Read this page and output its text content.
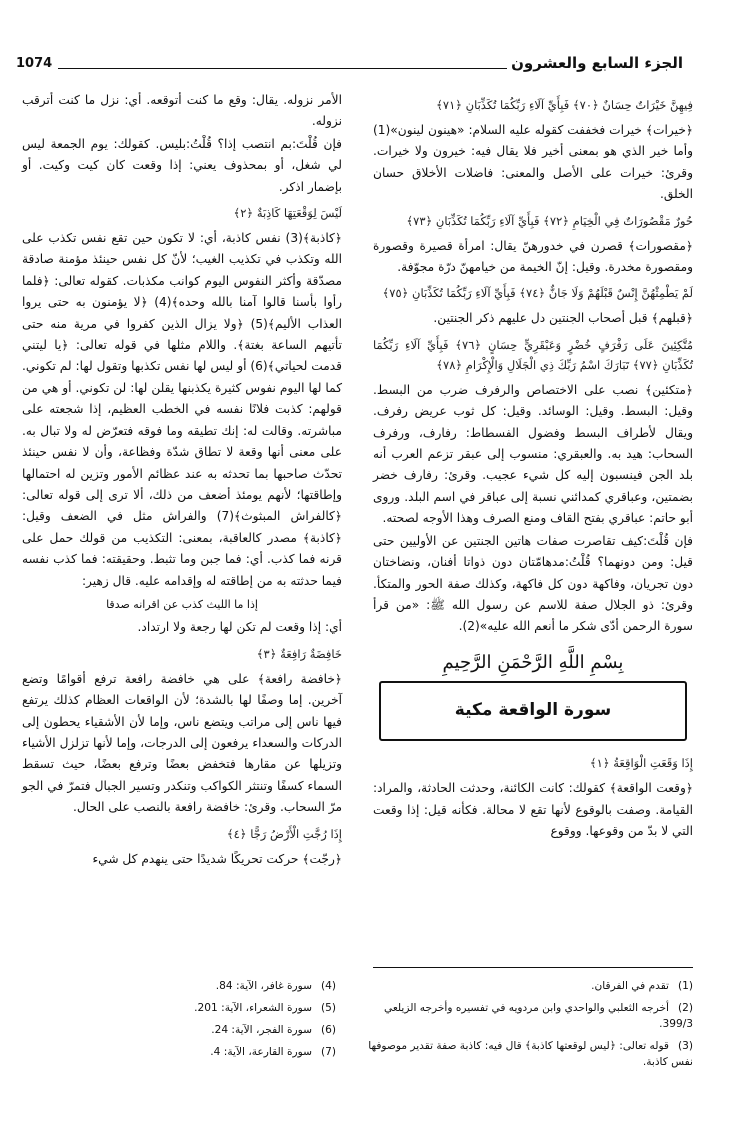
الجزء السابع والعشرون
1074

فِيهِنَّ خَيْرَاتٌ حِسَانٌ ﴿٧٠﴾ فَبِأَيِّ آلَاءِ رَبِّكُمَا تُكَذِّبَانِ ﴿٧١﴾

﴿خيرات﴾ خيرات فخففت كقوله عليه السلام: «هينون لينون»(1) وأما خير الذي هو بمعنى أخير فلا يقال فيه: خيرون ولا خيرات. وقرئ: خيرات على الأصل والمعنى: فاضلات الأخلاق حسان الخلق.

حُورٌ مَقْصُورَاتٌ فِي الْخِيَامِ ﴿٧٢﴾ فَبِأَيِّ آلَاءِ رَبِّكُمَا تُكَذِّبَانِ ﴿٧٣﴾

﴿مقصورات﴾ قصرن في خدورهنّ يقال: امرأة قصيرة وقصورة ومقصورة مخدرة. وقيل: إنّ الخيمة من خيامهنّ درّة مجوّفة.

لَمْ يَطْمِثْهُنَّ إِنْسٌ قَبْلَهُمْ وَلَا جَانٌّ ﴿٧٤﴾ فَبِأَيِّ آلَاءِ رَبِّكُمَا تُكَذِّبَانِ ﴿٧٥﴾

﴿قبلهم﴾ قبل أصحاب الجنتين دل عليهم ذكر الجنتين.

مُتَّكِئِينَ عَلَى رَفْرَفٍ خُضْرٍ وَعَبْقَرِيٍّ حِسَانٍ ﴿٧٦﴾ فَبِأَيِّ آلَاءِ رَبِّكُمَا تُكَذِّبَانِ ﴿٧٧﴾ تَبَارَكَ اسْمُ رَبِّكَ ذِي الْجَلَالِ وَالْإِكْرَامِ ﴿٧٨﴾

﴿متكئين﴾ نصب على الاختصاص والرفرف ضرب من البسط. وقيل: البسط. وقيل: الوسائد. وقيل: كل ثوب عريض رفرف. ويقال لأطراف البسط وفضول الفسطاط: رفارف، ورفرف السحاب: هيد به. والعبقري: منسوب إلى عبقر تزعم العرب أنه بلد الجن فينسبون إليه كل شيء عجيب. وقرئ: رفارف خضر بضمتين، وعباقري كمدائني نسبة إلى عباقر في اسم البلد. وروى أبو حاتم: عباقري بفتح القاف ومنع الصرف وهذا الأوجه لصحته.

فإن قُلْتَ:كيف تقاصرت صفات هاتين الجنتين عن الأوليين حتى قيل: ومن دونهما؟ قُلْتُ:مدهامّتان دون ذواتا أفنان، ونضاختان دون تجريان، وفاكهة دون كل فاكهة، وكذلك صفة الحور والمتكأ. وقرئ: ذو الجلال صفة للاسم عن رسول الله ﷺ: «من قرأ سورة الرحمن أدّى شكر ما أنعم الله عليه»(2).

بِسْمِ اللَّهِ الرَّحْمَنِ الرَّحِيمِ

سورة الواقعة مكية

إِذَا وَقَعَتِ الْوَاقِعَةُ ﴿١﴾

﴿وقعت الواقعة﴾ كقولك: كانت الكائنة، وحدثت الحادثة، والمراد: القيامة. وصفت بالوقوع لأنها تقع لا محالة. فكأنه قيل: إذا وقعت التي لا بدّ من وقوعها. ووقوع

الأمر نزوله. يقال: وقع ما كنت أتوقعه. أي: نزل ما كنت أترقب نزوله.

فإن قُلْتَ:بم انتصب إذا؟ قُلْتُ:بليس. كقولك: يوم الجمعة ليس لي شغل، أو بمحذوف يعني: إذا وقعت كان كيت وكيت. أو بإضمار اذكر.

لَيْسَ لِوَقْعَتِهَا كَاذِبَةٌ ﴿٢﴾

﴿كاذبة﴾(3) نفس كاذبة، أي: لا تكون حين تقع نفس تكذب على الله وتكذب في تكذيب الغيب؛ لأنّ كل نفس حينئذ مؤمنة صادقة مصدّقة وأكثر النفوس اليوم كوانب مكذبات. كقوله تعالى: ﴿فلما رأوا بأسنا قالوا آمنا بالله وحده﴾(4) ﴿لا يؤمنون به حتى يروا العذاب الأليم﴾(5) ﴿ولا يزال الذين كفروا في مرية منه حتى تأتيهم الساعة بغتة﴾. واللام مثلها في قوله تعالى: ﴿يا ليتني قدمت لحياتي﴾(6) أو ليس لها نفس تكذبها وتقول لها: لم تكوني. كما لها اليوم نفوس كثيرة يكذبنها يقلن لها: لن تكوني. أو هي من قولهم: كذبت فلانًا نفسه في الخطب العظيم، إذا شجعته على مباشرته. وقالت له: إنك تطيقه وما فوقه فتعرّض له ولا تبال به. على معنى أنها وقعة لا تطاق شدّة وفظاعة، وأن لا نفس حينئذ تحدّث صاحبها بما تحدثه به عند عظائم الأمور وتزين له احتمالها وإطاقتها؛ لأنهم يومئذ أضعف من ذلك، ألا ترى إلى قوله تعالى: ﴿كالفراش المبثوث﴾(7) والفراش مثل في الضعف وقيل: ﴿كاذبة﴾ مصدر كالعاقبة، بمعنى: التكذيب من قولك حمل على قرنه فما كذب. أي: فما جبن وما تثبط. وحقيقته: فما كذب نفسه فيما حدثته به من إطاقته له وإقدامه عليه. قال زهير:

إذا ما الليث كذب عن اقرانه صدقا

أي: إذا وقعت لم تكن لها رجعة ولا ارتداد.

خَافِضَةٌ رَافِعَةٌ ﴿٣﴾

﴿خافضة رافعة﴾ على هي خافضة رافعة ترفع أقوامًا وتضع آخرين. إما وصفًا لها بالشدة؛ لأن الواقعات العظام كذلك يرتفع فيها ناس إلى مراتب ويتضع ناس، وإما لأن الأشقياء يحطون إلى الدركات والسعداء يرفعون إلى الدرجات، وإما لأنها تزلزل الأشياء وتزيلها عن مقارها فتخفض بعضًا وترفع بعضًا، حيث تسقط السماء كسفًا وتنتثر الكواكب وتنكدر وتسير الجبال فتمرّ في الجو مرّ السحاب. وقرئ: خافضة رافعة بالنصب على الحال.

إِذَا رُجَّتِ الْأَرْضُ رَجًّا ﴿٤﴾

﴿رجّت﴾ حركت تحريكًا شديدًا حتى ينهدم كل شيء

(1)تقدم في الفرقان.
(2)أخرجه الثعلبي والواحدي وابن مردويه في تفسيره وأخرجه الزيلعي 399/3.
(3)قوله تعالى: ﴿ليس لوقعتها كاذبة﴾ قال فيه: كاذبة صفة تقدير موصوفها نفس كاذبة.
(4)سورة غافر، الآية: 84.
(5)سورة الشعراء، الآية: 201.
(6)سورة الفجر، الآية: 24.
(7)سورة القارعة، الآية: 4.
